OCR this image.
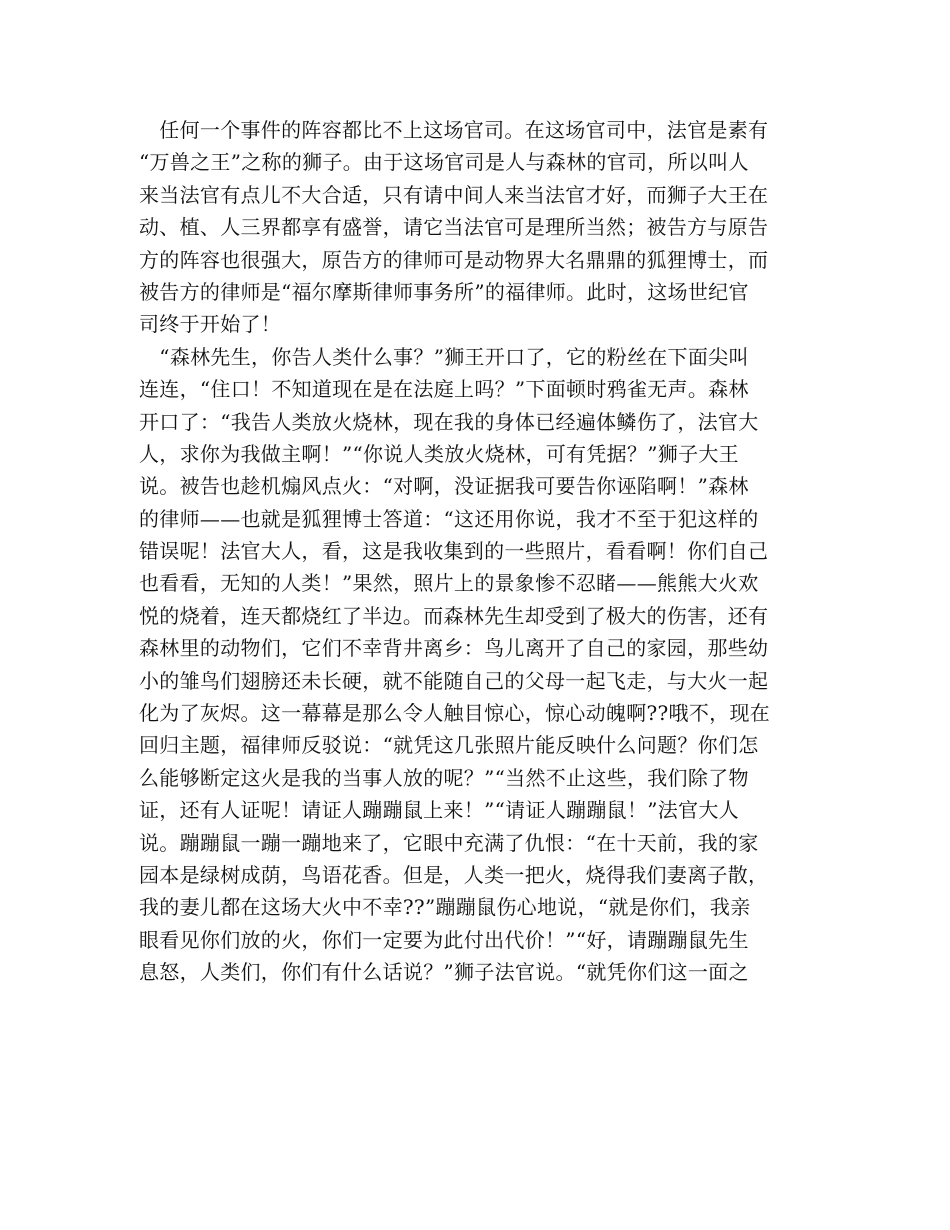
　任何一个事件的阵容都比不上这场官司。在这场官司中，法官是素有
“万兽之王”之称的狮子。由于这场官司是人与森林的官司，所以叫人
来当法官有点儿不大合适，只有请中间人来当法官才好，而狮子大王在
动、植、人三界都享有盛誉，请它当法官可是理所当然；被告方与原告
方的阵容也很强大，原告方的律师可是动物界大名鼎鼎的狐狸博士，而
被告方的律师是“福尔摩斯律师事务所”的福律师。此时，这场世纪官
司终于开始了！
　“森林先生，你告人类什么事？”狮王开口了，它的粉丝在下面尖叫
连连，“住口！不知道现在是在法庭上吗？”下面顿时鸦雀无声。森林
开口了：“我告人类放火烧林，现在我的身体已经遍体鳞伤了，法官大
人，求你为我做主啊！”“你说人类放火烧林，可有凭据？”狮子大王
说。被告也趁机煽风点火：“对啊，没证据我可要告你诬陷啊！”森林
的律师——也就是狐狸博士答道：“这还用你说，我才不至于犯这样的
错误呢！法官大人，看，这是我收集到的一些照片，看看啊！你们自己
也看看，无知的人类！”果然，照片上的景象惨不忍睹——熊熊大火欢
悦的烧着，连天都烧红了半边。而森林先生却受到了极大的伤害，还有
森林里的动物们，它们不幸背井离乡：鸟儿离开了自己的家园，那些幼
小的雏鸟们翅膀还未长硬，就不能随自己的父母一起飞走，与大火一起
化为了灰烬。这一幕幕是那么令人触目惊心，惊心动魄啊??哦不，现在
回归主题，福律师反驳说：“就凭这几张照片能反映什么问题？你们怎
么能够断定这火是我的当事人放的呢？”“当然不止这些，我们除了物
证，还有人证呢！请证人蹦蹦鼠上来！”“请证人蹦蹦鼠！”法官大人
说。蹦蹦鼠一蹦一蹦地来了，它眼中充满了仇恨：“在十天前，我的家
园本是绿树成荫，鸟语花香。但是，人类一把火，烧得我们妻离子散，
我的妻儿都在这场大火中不幸??”蹦蹦鼠伤心地说，“就是你们，我亲
眼看见你们放的火，你们一定要为此付出代价！”“好，请蹦蹦鼠先生
息怒，人类们，你们有什么话说？”狮子法官说。“就凭你们这一面之
